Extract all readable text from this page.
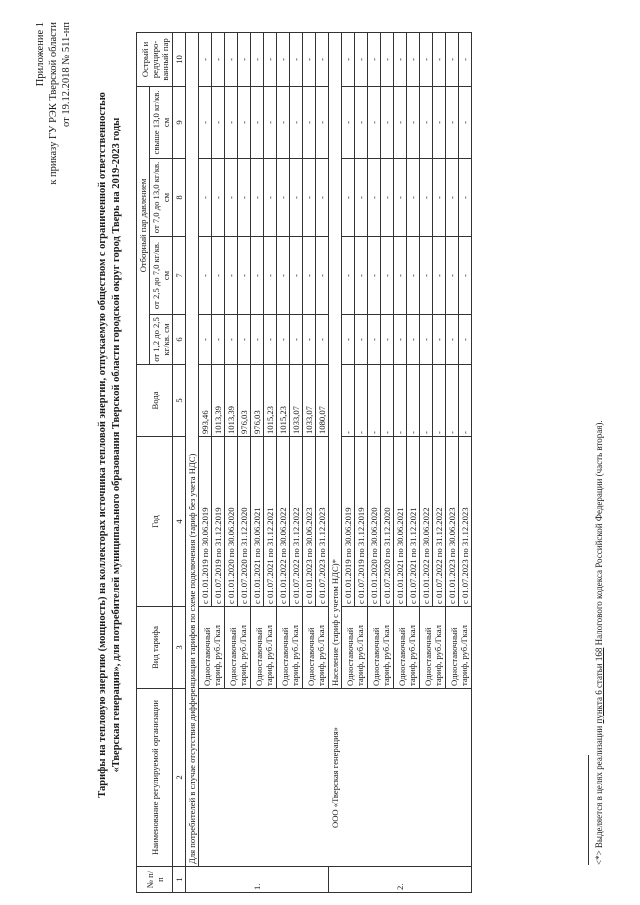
Приложение 1 к приказу ГУ РЭК Тверской области от 19.12.2018 № 511-нп
Тарифы на тепловую энергию (мощность) на коллекторах источника тепловой энергии, отпускаемую обществом с ограниченной ответственностью «Тверская генерация», для потребителей муниципального образования Тверской области городской округ город Тверь на 2019-2023 годы
№ п/п	Наименование регулируемой организации	Вид тарифа	Год	Вода	Отборный пар давлением				Острый и редуциро-ванный пар
					от 1,2 до 2,5 кг/кв. см	от 2,5 до 7,0 кг/кв. см	от 7,0 до 13,0 кг/кв. см	свыше 13,0 кг/кв. см	
1	2	3	4	5	6	7	8	9	10
1.	Для потребителей в случае отсутствия дифференциации тарифов по схеме подключения (тариф без учета НДС)								
	ООО «Тверская генерация»	Одноставочный тариф, руб./Гкал	с 01.01.2019 по 30.06.2019	993,46	-	-	-	-	-
			с 01.07.2019 по 31.12.2019	1013,39	-	-	-	-	-
		Одноставочный тариф, руб./Гкал	с 01.01.2020 по 30.06.2020	1013,39	-	-	-	-	-
			с 01.07.2020 по 31.12.2020	976,03	-	-	-	-	-
		Одноставочный тариф, руб./Гкал	с 01.01.2021 по 30.06.2021	976,03	-	-	-	-	-
			с 01.07.2021 по 31.12.2021	1015,23	-	-	-	-	-
		Одноставочный тариф, руб./Гкал	с 01.01.2022 по 30.06.2022	1015,23	-	-	-	-	-
			с 01.07.2022 по 31.12.2022	1033,07	-	-	-	-	-
		Одноставочный тариф, руб./Гкал	с 01.01.2023 по 30.06.2023	1033,07	-	-	-	-	-
			с 01.07.2023 по 31.12.2023	1080,07	-	-	-	-	-
2.		Население (тариф с учетом НДС)*							
		Одноставочный тариф, руб./Гкал	с 01.01.2019 по 30.06.2019	-	-	-	-	-	-
			с 01.07.2019 по 31.12.2019	-	-	-	-	-	-
		Одноставочный тариф, руб./Гкал	с 01.01.2020 по 30.06.2020	-	-	-	-	-	-
			с 01.07.2020 по 31.12.2020	-	-	-	-	-	-
		Одноставочный тариф, руб./Гкал	с 01.01.2021 по 30.06.2021	-	-	-	-	-	-
			с 01.07.2021 по 31.12.2021	-	-	-	-	-	-
		Одноставочный тариф, руб./Гкал	с 01.01.2022 по 30.06.2022	-	-	-	-	-	-
			с 01.07.2022 по 31.12.2022	-	-	-	-	-	-
		Одноставочный тариф, руб./Гкал	с 01.01.2023 по 30.06.2023	-	-	-	-	-	-
			с 01.07.2023 по 31.12.2023	-	-	-	-	-	-
<*> Выделяется в целях реализации пункта 6 статьи 168 Налогового кодекса Российской Федерации (часть вторая).
